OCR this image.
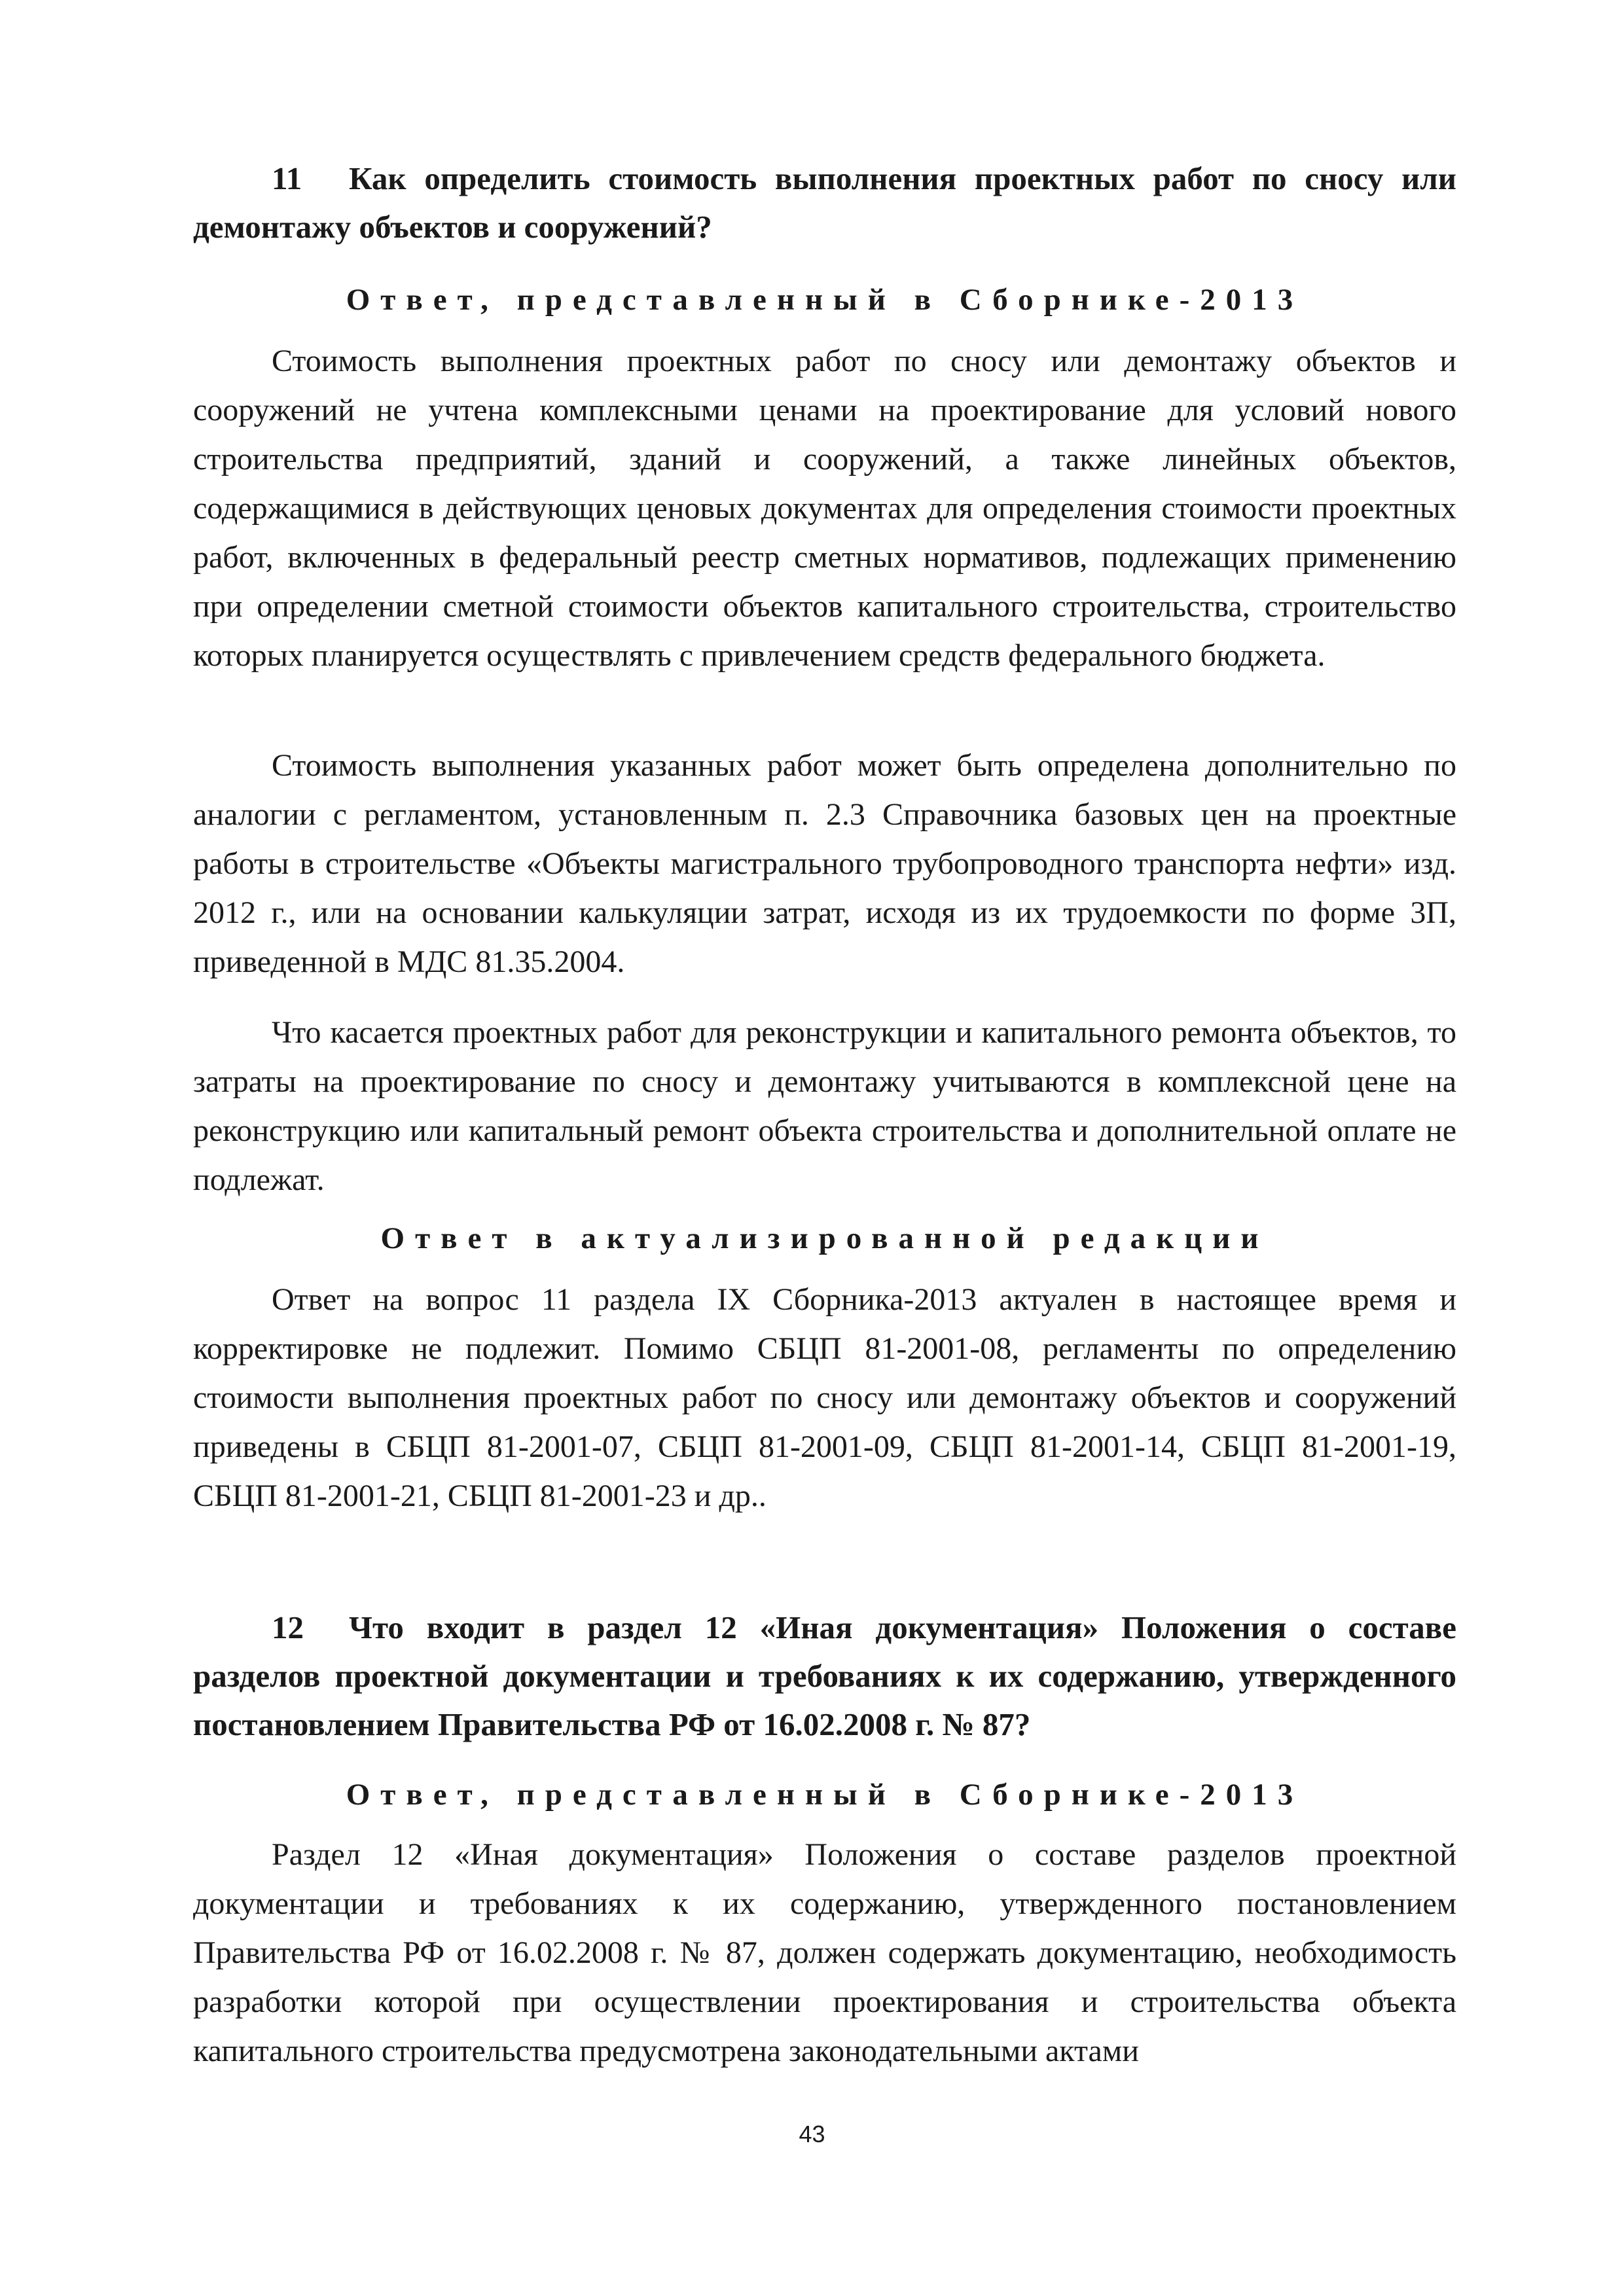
11 Как определить стоимость выполнения проектных работ по сносу или демонтажу объектов и сооружений?

Ответ, представленный в Сборнике-2013

Стоимость выполнения проектных работ по сносу или демонтажу объектов и сооружений не учтена комплексными ценами на проектирование для условий нового строительства предприятий, зданий и сооружений, а также линейных объектов, содержащимися в действующих ценовых документах для определения стоимости проектных работ, включенных в федеральный реестр сметных нормативов, подлежащих применению при определении сметной стоимости объектов капитального строительства, строительство которых планируется осуществлять с привлечением средств федерального бюджета.

Стоимость выполнения указанных работ может быть определена дополнительно по аналогии с регламентом, установленным п. 2.3 Справочника базовых цен на проектные работы в строительстве «Объекты магистрального трубопроводного транспорта нефти» изд. 2012 г., или на основании калькуляции затрат, исходя из их трудоемкости по форме 3П, приведенной в МДС 81.35.2004.

Что касается проектных работ для реконструкции и капитального ремонта объектов, то затраты на проектирование по сносу и демонтажу учитываются в комплексной цене на реконструкцию или капитальный ремонт объекта строительства и дополнительной оплате не подлежат.

Ответ в актуализированной редакции

Ответ на вопрос 11 раздела IX Сборника-2013 актуален в настоящее время и корректировке не подлежит. Помимо СБЦП 81-2001-08, регламенты по определению стоимости выполнения проектных работ по сносу или демонтажу объектов и сооружений приведены в СБЦП 81-2001-07, СБЦП 81-2001-09, СБЦП 81-2001-14, СБЦП 81-2001-19, СБЦП 81-2001-21, СБЦП 81-2001-23 и др..

12 Что входит в раздел 12 «Иная документация» Положения о составе разделов проектной документации и требованиях к их содержанию, утвержденного постановлением Правительства РФ от 16.02.2008 г. № 87?

Ответ, представленный в Сборнике-2013

Раздел 12 «Иная документация» Положения о составе разделов проектной документации и требованиях к их содержанию, утвержденного постановлением Правительства РФ от 16.02.2008 г. № 87, должен содержать документацию, необходимость разработки которой при осуществлении проектирования и строительства объекта капитального строительства предусмотрена законодательными актами

43
